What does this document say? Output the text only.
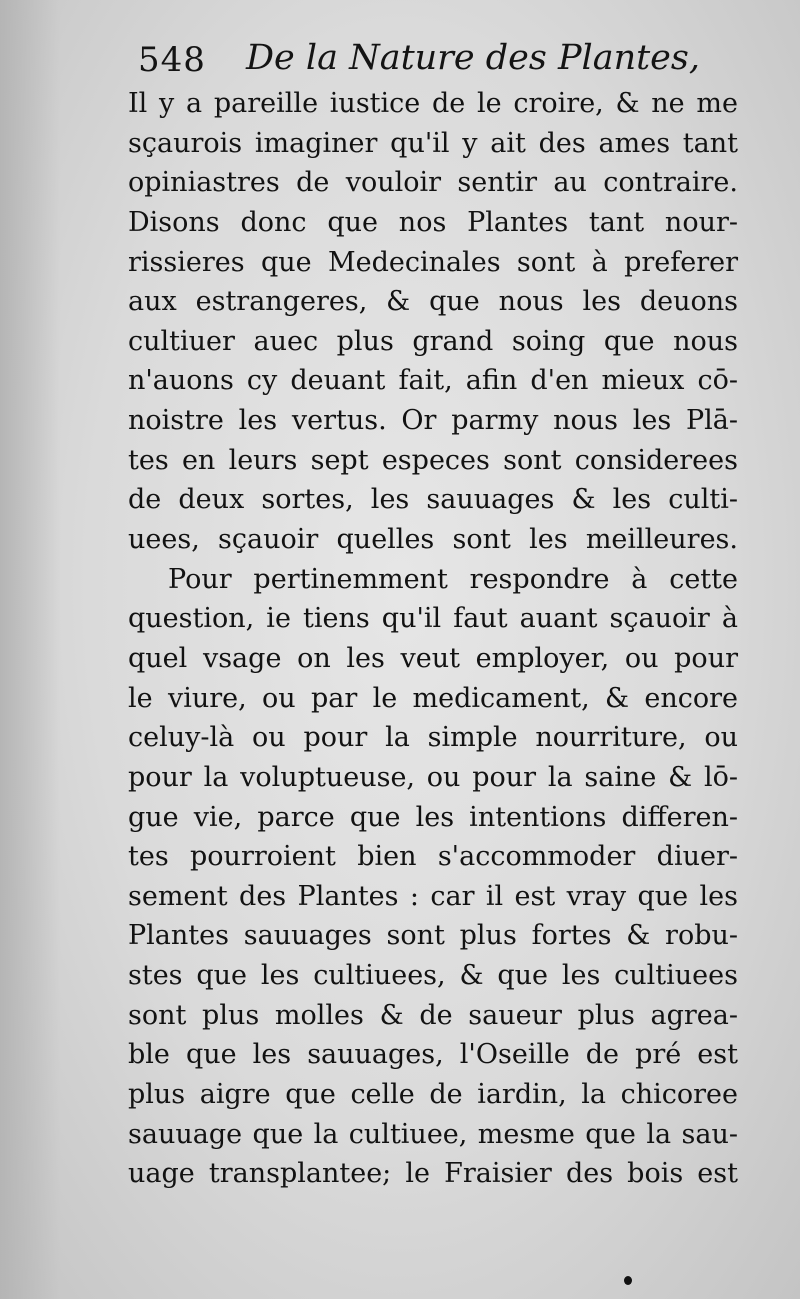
548 De la Nature des Plantes,
Il y a pareille iustice de le croire, & ne me
sçaurois imaginer qu'il y ait des ames tant
opiniastres de vouloir sentir au contraire.
Disons donc que nos Plantes tant nour-
rissieres que Medecinales sont à preferer
aux estrangeres, & que nous les deuons
cultiuer auec plus grand soing que nous
n'auons cy deuant fait, afin d'en mieux cō-
noistre les vertus. Or parmy nous les Plā-
tes en leurs sept especes sont considerees
de deux sortes, les sauuages & les culti-
uees, sçauoir quelles sont les meilleures.
Pour pertinemment respondre à cette
question, ie tiens qu'il faut auant sçauoir à
quel vsage on les veut employer, ou pour
le viure, ou par le medicament, & encore
celuy-là ou pour la simple nourriture, ou
pour la voluptueuse, ou pour la saine & lō-
gue vie, parce que les intentions differen-
tes pourroient bien s'accommoder diuer-
sement des Plantes : car il est vray que les
Plantes sauuages sont plus fortes & robu-
stes que les cultiuees, & que les cultiuees
sont plus molles & de saueur plus agrea-
ble que les sauuages, l'Oseille de pré est
plus aigre que celle de iardin, la chicoree
sauuage que la cultiuee, mesme que la sau-
uage transplantee; le Fraisier des bois est
